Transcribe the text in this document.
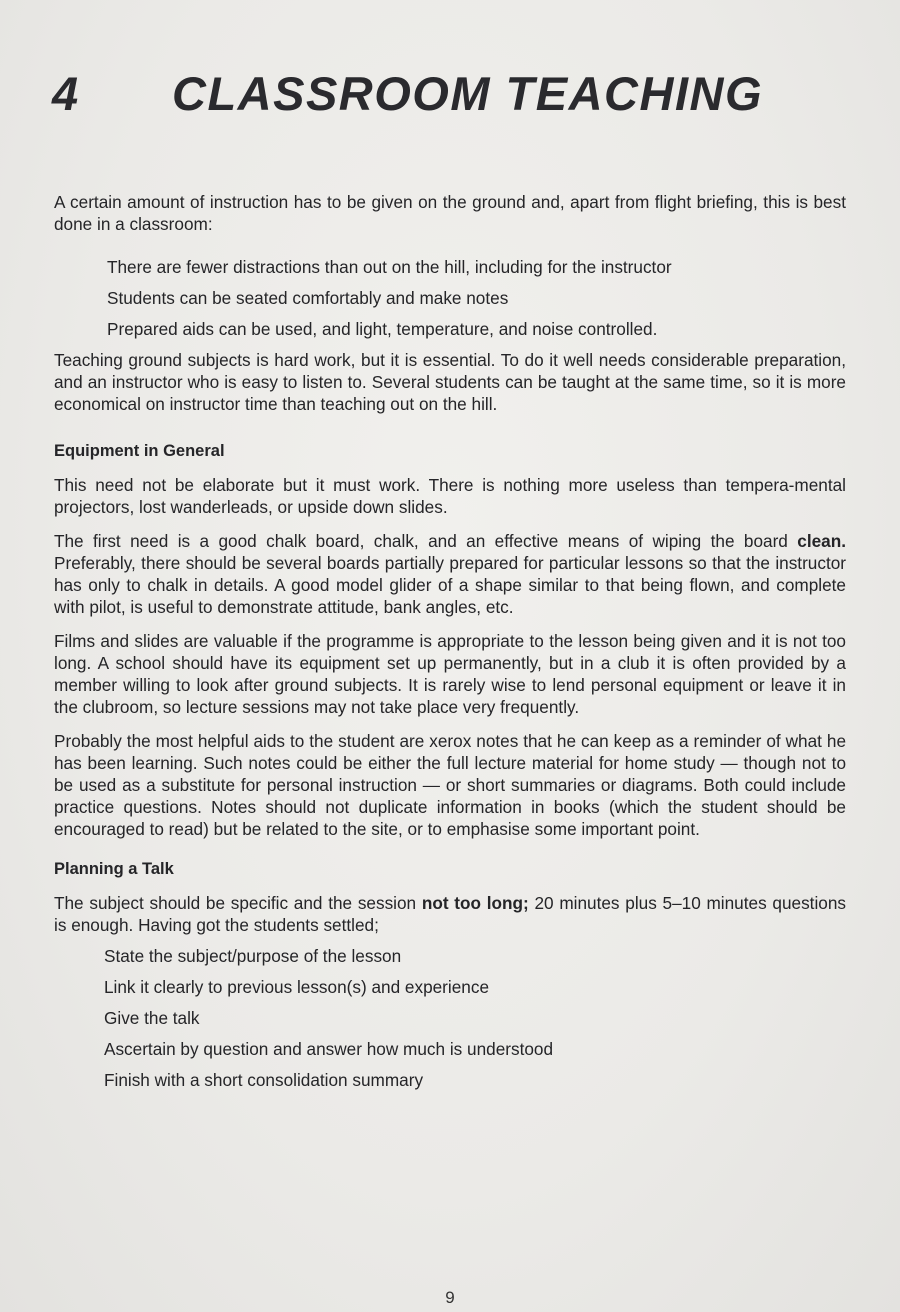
4 CLASSROOM TEACHING

A certain amount of instruction has to be given on the ground and, apart from flight briefing, this is best done in a classroom:

There are fewer distractions than out on the hill, including for the instructor

Students can be seated comfortably and make notes

Prepared aids can be used, and light, temperature, and noise controlled.

Teaching ground subjects is hard work, but it is essential. To do it well needs considerable preparation, and an instructor who is easy to listen to. Several students can be taught at the same time, so it is more economical on instructor time than teaching out on the hill.

Equipment in General

This need not be elaborate but it must work. There is nothing more useless than tempera-mental projectors, lost wanderleads, or upside down slides.

The first need is a good chalk board, chalk, and an effective means of wiping the board clean. Preferably, there should be several boards partially prepared for particular lessons so that the instructor has only to chalk in details. A good model glider of a shape similar to that being flown, and complete with pilot, is useful to demonstrate attitude, bank angles, etc.

Films and slides are valuable if the programme is appropriate to the lesson being given and it is not too long. A school should have its equipment set up permanently, but in a club it is often provided by a member willing to look after ground subjects. It is rarely wise to lend personal equipment or leave it in the clubroom, so lecture sessions may not take place very frequently.

Probably the most helpful aids to the student are xerox notes that he can keep as a reminder of what he has been learning. Such notes could be either the full lecture material for home study — though not to be used as a substitute for personal instruction — or short summaries or diagrams. Both could include practice questions. Notes should not duplicate information in books (which the student should be encouraged to read) but be related to the site, or to emphasise some important point.

Planning a Talk

The subject should be specific and the session not too long; 20 minutes plus 5–10 minutes questions is enough. Having got the students settled;

State the subject/purpose of the lesson
Link it clearly to previous lesson(s) and experience
Give the talk
Ascertain by question and answer how much is understood
Finish with a short consolidation summary
9
